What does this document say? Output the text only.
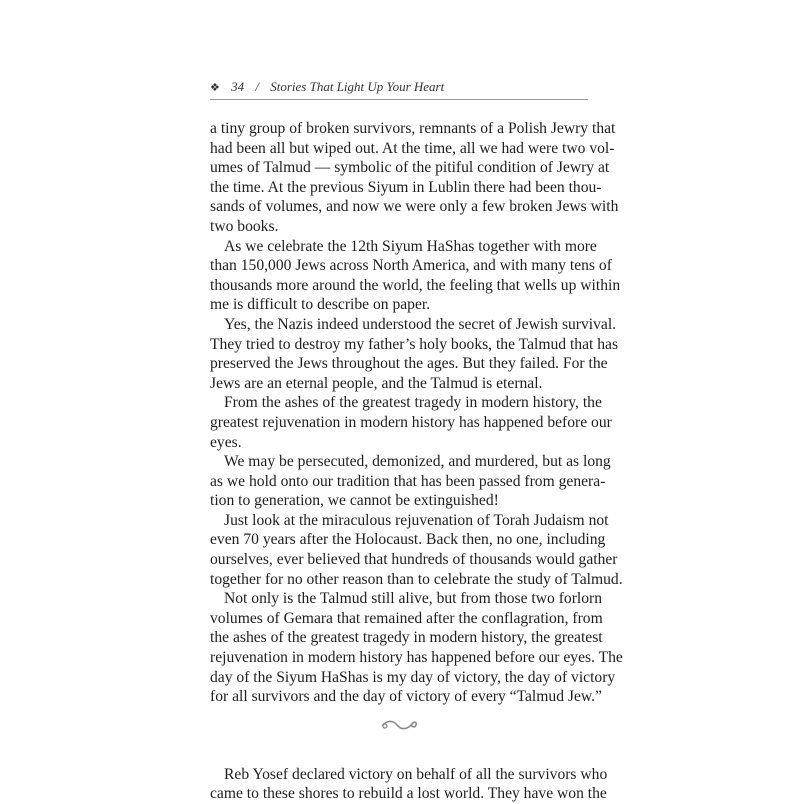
❖ 34 / Stories That Light Up Your Heart
a tiny group of broken survivors, remnants of a Polish Jewry that
had been all but wiped out. At the time, all we had were two vol-
umes of Talmud — symbolic of the pitiful condition of Jewry at
the time. At the previous Siyum in Lublin there had been thou-
sands of volumes, and now we were only a few broken Jews with
two books.
As we celebrate the 12th Siyum HaShas together with more
than 150,000 Jews across North America, and with many tens of
thousands more around the world, the feeling that wells up within
me is difficult to describe on paper.
Yes, the Nazis indeed understood the secret of Jewish survival.
They tried to destroy my father’s holy books, the Talmud that has
preserved the Jews throughout the ages. But they failed. For the
Jews are an eternal people, and the Talmud is eternal.
From the ashes of the greatest tragedy in modern history, the
greatest rejuvenation in modern history has happened before our
eyes.
We may be persecuted, demonized, and murdered, but as long
as we hold onto our tradition that has been passed from genera-
tion to generation, we cannot be extinguished!
Just look at the miraculous rejuvenation of Torah Judaism not
even 70 years after the Holocaust. Back then, no one, including
ourselves, ever believed that hundreds of thousands would gather
together for no other reason than to celebrate the study of Talmud.
Not only is the Talmud still alive, but from those two forlorn
volumes of Gemara that remained after the conflagration, from
the ashes of the greatest tragedy in modern history, the greatest
rejuvenation in modern history has happened before our eyes. The
day of the Siyum HaShas is my day of victory, the day of victory
for all survivors and the day of victory of every “Talmud Jew.”
Reb Yosef declared victory on behalf of all the survivors who
came to these shores to rebuild a lost world. They have won the
